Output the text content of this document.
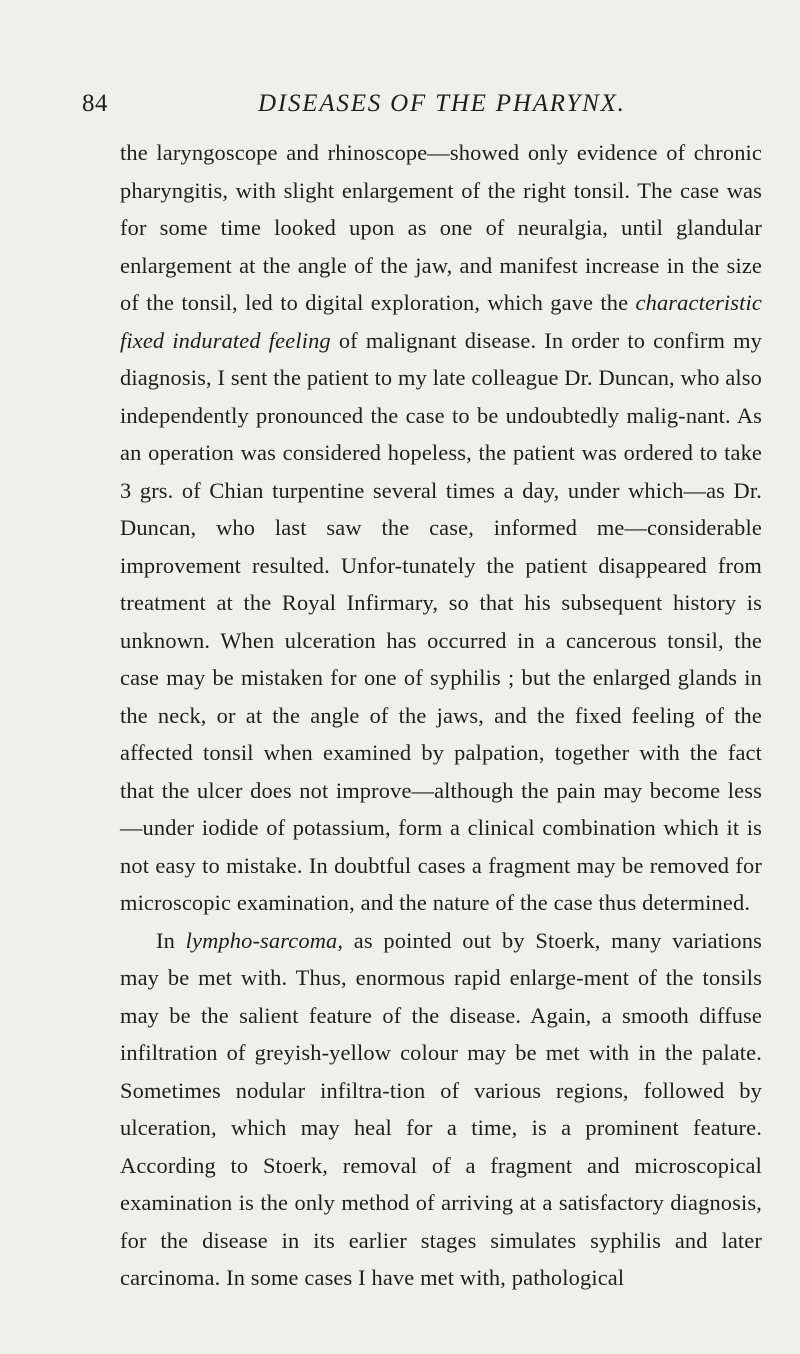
84	DISEASES OF THE PHARYNX.

the laryngoscope and rhinoscope—showed only evidence of chronic pharyngitis, with slight enlargement of the right tonsil. The case was for some time looked upon as one of neuralgia, until glandular enlargement at the angle of the jaw, and manifest increase in the size of the tonsil, led to digital exploration, which gave the characteristic fixed indurated feeling of malignant disease. In order to confirm my diagnosis, I sent the patient to my late colleague Dr. Duncan, who also independently pronounced the case to be undoubtedly malig-nant. As an operation was considered hopeless, the patient was ordered to take 3 grs. of Chian turpentine several times a day, under which—as Dr. Duncan, who last saw the case, informed me—considerable improvement resulted. Unfor-tunately the patient disappeared from treatment at the Royal Infirmary, so that his subsequent history is unknown. When ulceration has occurred in a cancerous tonsil, the case may be mistaken for one of syphilis ; but the enlarged glands in the neck, or at the angle of the jaws, and the fixed feeling of the affected tonsil when examined by palpation, together with the fact that the ulcer does not improve—although the pain may become less—under iodide of potassium, form a clinical combination which it is not easy to mistake. In doubtful cases a fragment may be removed for microscopic examination, and the nature of the case thus determined.

In lympho-sarcoma, as pointed out by Stoerk, many variations may be met with. Thus, enormous rapid enlarge-ment of the tonsils may be the salient feature of the disease. Again, a smooth diffuse infiltration of greyish-yellow colour may be met with in the palate. Sometimes nodular infiltra-tion of various regions, followed by ulceration, which may heal for a time, is a prominent feature. According to Stoerk, removal of a fragment and microscopical examination is the only method of arriving at a satisfactory diagnosis, for the disease in its earlier stages simulates syphilis and later carcinoma. In some cases I have met with, pathological
